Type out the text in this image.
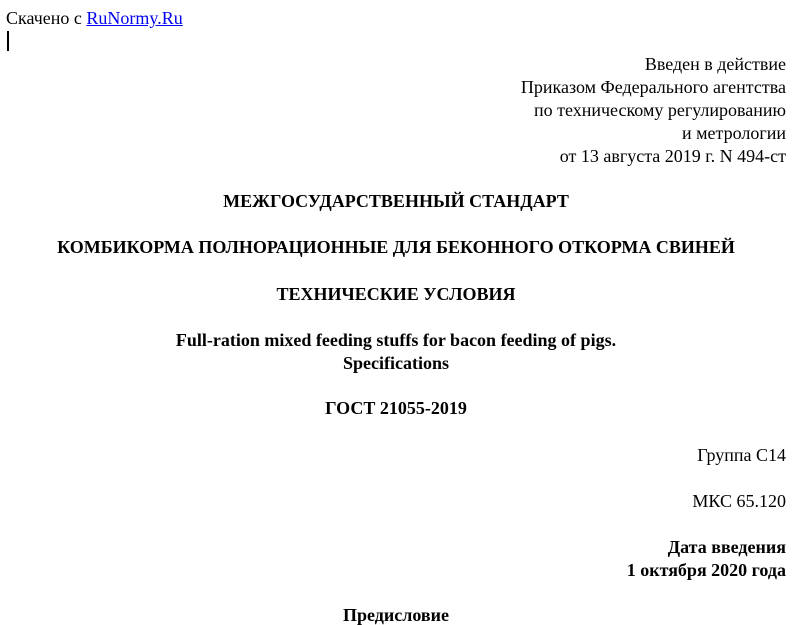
Скачено с RuNormy.Ru
Введен в действие
Приказом Федерального агентства
по техническому регулированию
и метрологии
от 13 августа 2019 г. N 494-ст
МЕЖГОСУДАРСТВЕННЫЙ СТАНДАРТ
КОМБИКОРМА ПОЛНОРАЦИОННЫЕ ДЛЯ БЕКОННОГО ОТКОРМА СВИНЕЙ
ТЕХНИЧЕСКИЕ УСЛОВИЯ
Full-ration mixed feeding stuffs for bacon feeding of pigs.
Specifications
ГОСТ 21055-2019
Группа С14
МКС 65.120
Дата введения
1 октября 2020 года
Предисловие
